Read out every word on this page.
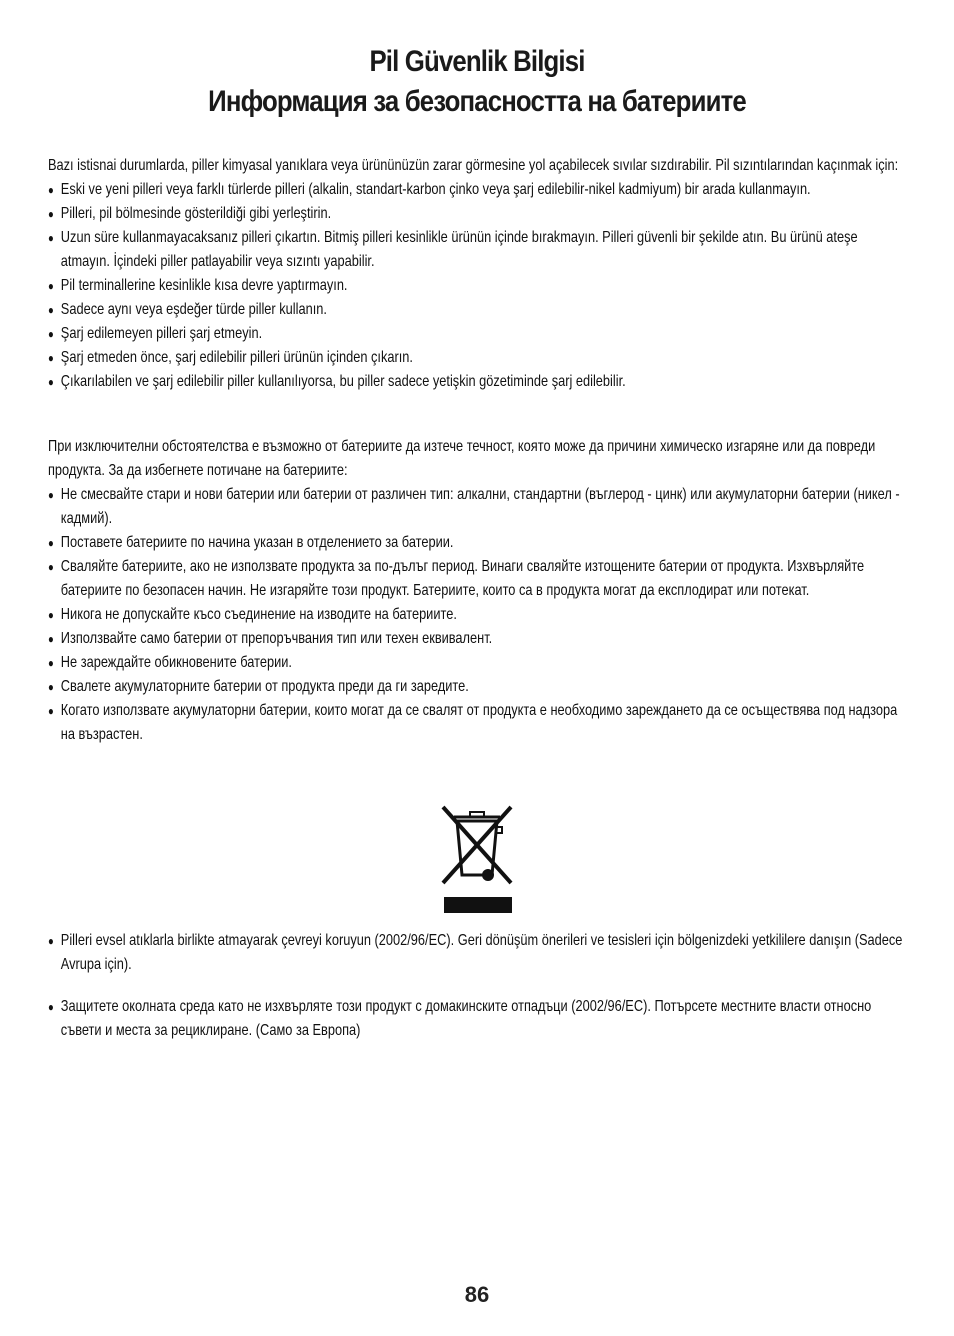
Pil Güvenlik Bilgisi
Информация за безопасността на батериите

Bazı istisnai durumlarda, piller kimyasal yanıklara veya ürününüzün zarar görmesine yol açabilecek sıvılar sızdırabilir. Pil sızıntılarından kaçınmak için:

● Eski ve yeni pilleri veya farklı türlerde pilleri (alkalin, standart-karbon çinko veya şarj edilebilir-nikel kadmiyum) bir arada kullanmayın.
● Pilleri, pil bölmesinde gösterildiği gibi yerleştirin.
● Uzun süre kullanmayacaksanız pilleri çıkartın. Bitmiş pilleri kesinlikle ürünün içinde bırakmayın. Pilleri güvenli bir şekilde atın. Bu ürünü ateşe atmayın. İçindeki piller patlayabilir veya sızıntı yapabilir.
● Pil terminallerine kesinlikle kısa devre yaptırmayın.
● Sadece aynı veya eşdeğer türde piller kullanın.
● Şarj edilemeyen pilleri şarj etmeyin.
● Şarj etmeden önce, şarj edilebilir pilleri ürünün içinden çıkarın.
● Çıkarılabilen ve şarj edilebilir piller kullanılıyorsa, bu piller sadece yetişkin gözetiminde şarj edilebilir.

При изключителни обстоятелства е възможно от батериите да изтече течност, която може да причини химическо изгаряне или да повреди продукта. За да избегнете потичане на батериите:

● Не смесвайте стари и нови батерии или батерии от различен тип: алкални, стандартни (въглерод - цинк) или акумулаторни батерии (никел - кадмий).
● Поставете батериите по начина указан в отделението за батерии.
● Сваляйте батериите, ако не използвате продукта за по-дълъг период. Винаги сваляйте изтощените батерии от продукта. Изхвърляйте батериите по безопасен начин. Не изгаряйте този продукт. Батериите, които са в продукта могат да експлодират или потекат.
● Никога не допускайте късо съединение на изводите на батериите.
● Използвайте само батерии от препоръчвания тип или техен еквивалент.
● Не зареждайте обикновените батерии.
● Свалете акумулаторните батерии от продукта преди да ги заредите.
● Когато използвате акумулаторни батерии, които могат да се свалят от продукта е необходимо зареждането да се осъществява под надзора на възрастен.
● Pilleri evsel atıklarla birlikte atmayarak çevreyi koruyun (2002/96/EC). Geri dönüşüm önerileri ve tesisleri için bölgenizdeki yetkililere danışın (Sadece Avrupa için).
● Защитете околната среда като не изхвърляте този продукт с домакинските отпадъци (2002/96/EC). Потърсете местните власти относно съвети и места за рециклиране. (Само за Европа)
86
